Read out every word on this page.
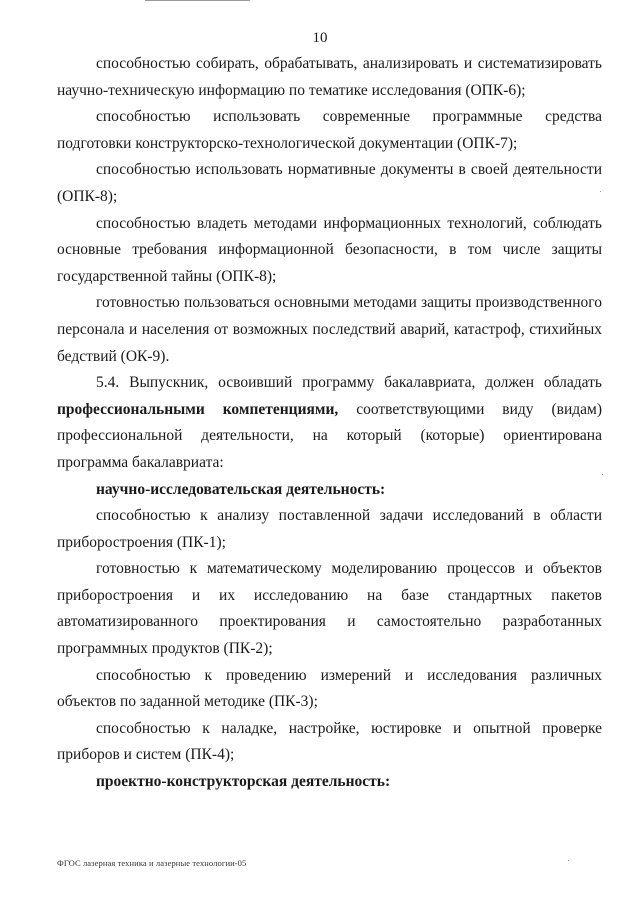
10

способностью собирать, обрабатывать, анализировать и систематизировать научно-техническую информацию по тематике исследования (ОПК-6);

способностью использовать современные программные средства подготовки конструкторско-технологической документации (ОПК-7);

способностью использовать нормативные документы в своей деятельности (ОПК-8);

способностью владеть методами информационных технологий, соблюдать основные требования информационной безопасности, в том числе защиты государственной тайны (ОПК-8);

готовностью пользоваться основными методами защиты производственного персонала и населения от возможных последствий аварий, катастроф, стихийных бедствий (ОК-9).

5.4. Выпускник, освоивший программу бакалавриата, должен обладать профессиональными компетенциями, соответствующими виду (видам) профессиональной деятельности, на который (которые) ориентирована программа бакалавриата:

научно-исследовательская деятельность:

способностью к анализу поставленной задачи исследований в области приборостроения (ПК-1);

готовностью к математическому моделированию процессов и объектов приборостроения и их исследованию на базе стандартных пакетов автоматизированного проектирования и самостоятельно разработанных программных продуктов (ПК-2);

способностью к проведению измерений и исследования различных объектов по заданной методике (ПК-3);

способностью к наладке, настройке, юстировке и опытной проверке приборов и систем (ПК-4);

проектно-конструкторская деятельность:

ФГОС лазерная техника и лазерные технологии-05
